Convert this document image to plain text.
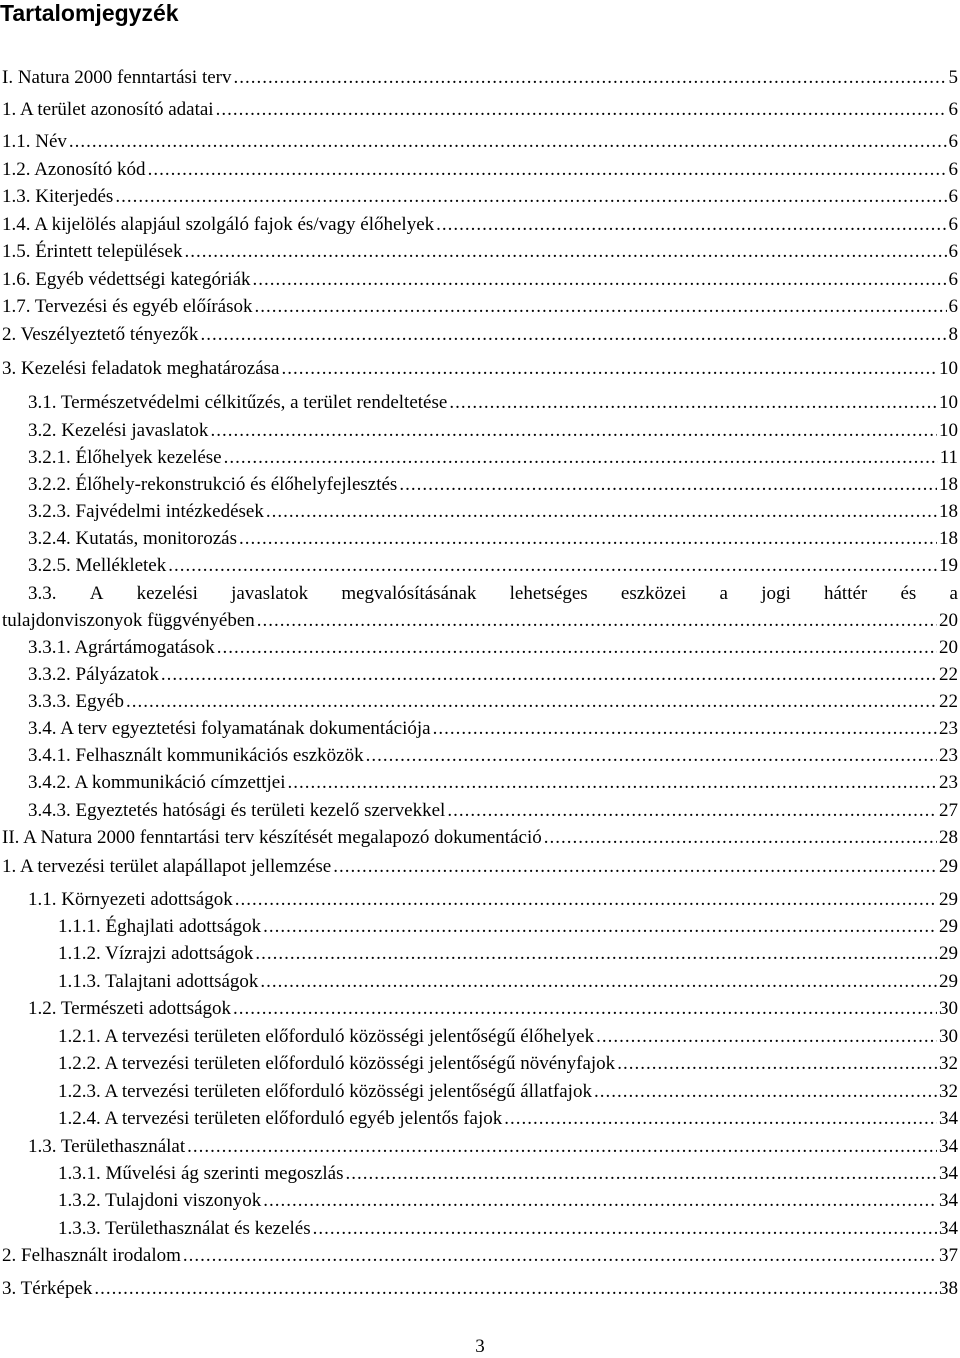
Tartalomjegyzék
I. Natura 2000 fenntartási terv .....	5
1. A terület azonosító adatai .....	6
1.1. Név .....	6
1.2. Azonosító kód .....	6
1.3. Kiterjedés .....	6
1.4. A kijelölés alapjául szolgáló fajok és/vagy élőhelyek .....	6
1.5. Érintett települések .....	6
1.6. Egyéb védettségi kategóriák .....	6
1.7. Tervezési és egyéb előírások .....	6
2. Veszélyeztető tényezők .....	8
3. Kezelési feladatok meghatározása .....	10
3.1. Természetvédelmi célkitűzés, a terület rendeltetése .....	10
3.2. Kezelési javaslatok .....	10
3.2.1. Élőhelyek kezelése .....	11
3.2.2. Élőhely-rekonstrukció és élőhelyfejlesztés .....	18
3.2.3. Fajvédelmi intézkedések .....	18
3.2.4. Kutatás, monitorozás .....	18
3.2.5. Mellékletek .....	19
3.3. A kezelési javaslatok megvalósításának lehetséges eszközei a jogi háttér és a
tulajdonviszonyok függvényében .....	20
3.3.1. Agrártámogatások .....	20
3.3.2. Pályázatok .....	22
3.3.3. Egyéb .....	22
3.4. A terv egyeztetési folyamatának dokumentációja .....	23
3.4.1. Felhasznált kommunikációs eszközök .....	23
3.4.2. A kommunikáció címzettjei .....	23
3.4.3. Egyeztetés hatósági és területi kezelő szervekkel .....	27
II. A Natura 2000 fenntartási terv készítését megalapozó dokumentáció .....	28
1. A tervezési terület alapállapot jellemzése .....	29
1.1. Környezeti adottságok .....	29
1.1.1. Éghajlati adottságok .....	29
1.1.2. Vízrajzi adottságok .....	29
1.1.3. Talajtani adottságok .....	29
1.2. Természeti adottságok .....	30
1.2.1. A tervezési területen előforduló közösségi jelentőségű élőhelyek .....	30
1.2.2. A tervezési területen előforduló közösségi jelentőségű növényfajok .....	32
1.2.3. A tervezési területen előforduló közösségi jelentőségű állatfajok .....	32
1.2.4. A tervezési területen előforduló egyéb jelentős fajok .....	34
1.3. Területhasználat .....	34
1.3.1. Művelési ág szerinti megoszlás .....	34
1.3.2. Tulajdoni viszonyok .....	34
1.3.3. Területhasználat és kezelés .....	34
2. Felhasznált irodalom .....	37
3. Térképek .....	38
3
